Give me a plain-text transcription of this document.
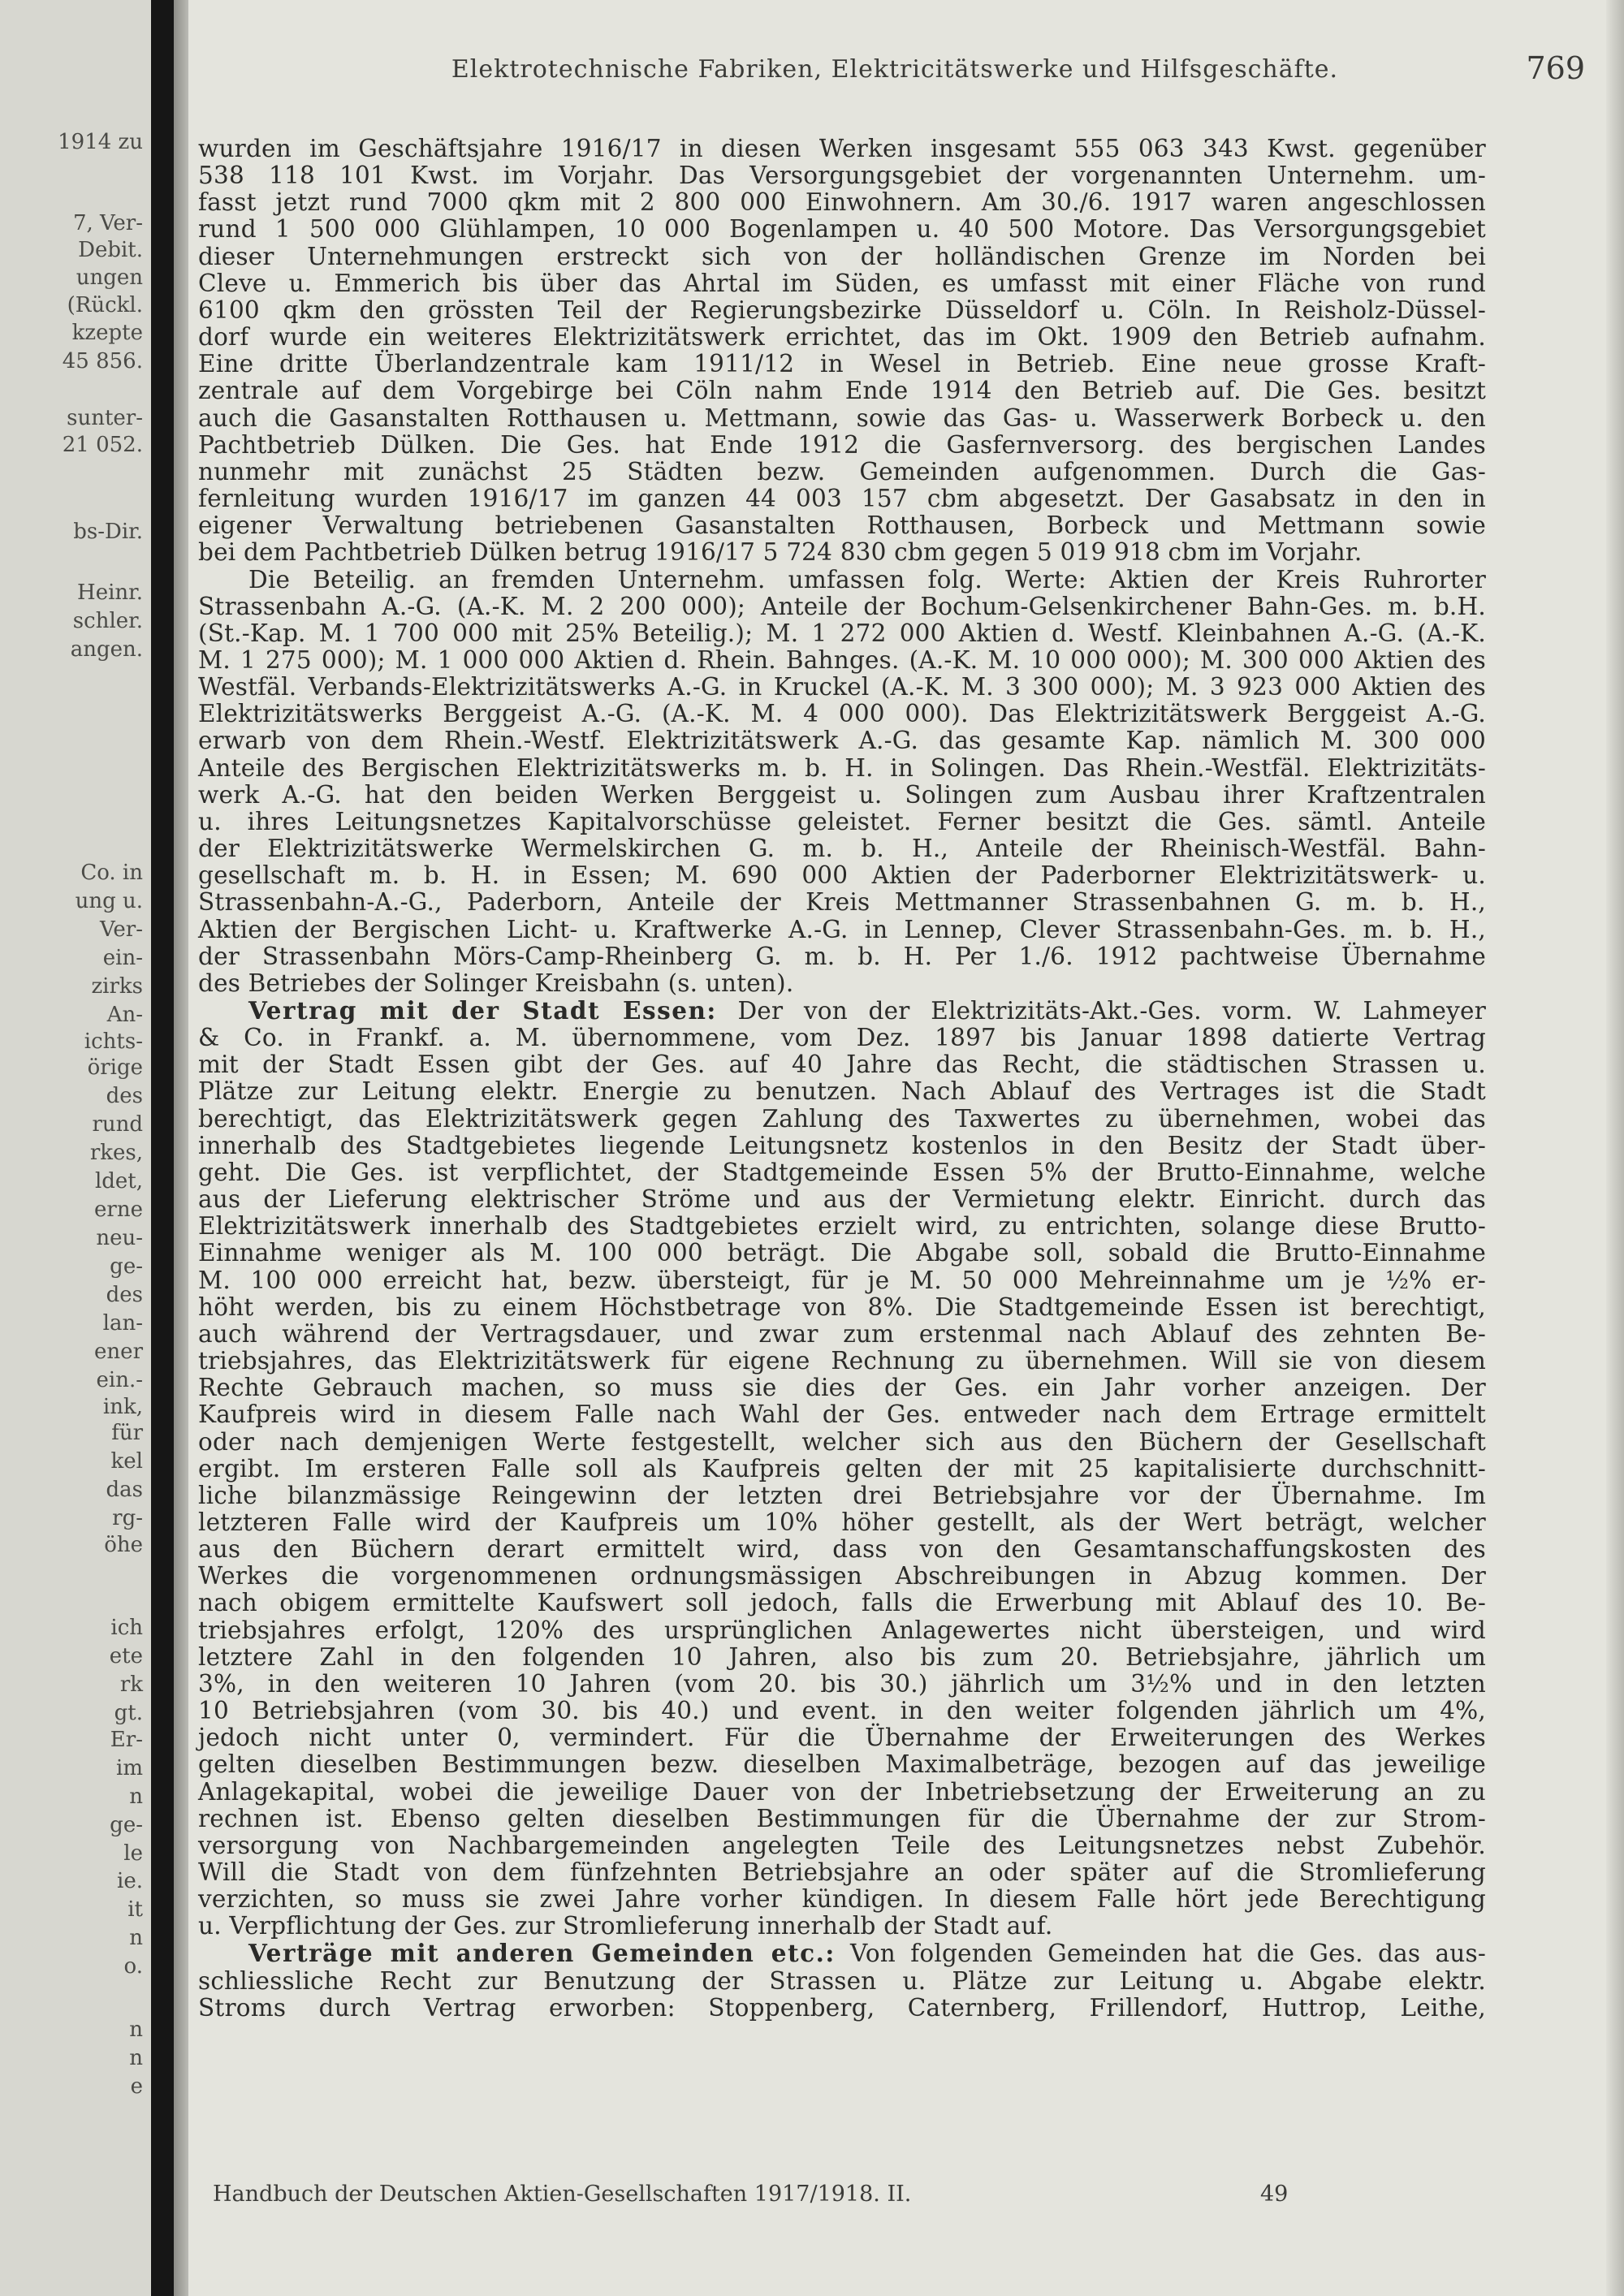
1914 zu
7, Ver-
Debit.
ungen
(Rückl.
kzepte
45 856.
sunter-
21 052.
bs-Dir.
Heinr.
schler.
angen.
Co. in
ung u.
Ver-
ein-
zirks
An-
ichts-
örige
des
rund
rkes,
ldet,
erne
neu-
ge-
des
lan-
ener
ein.-
ink,
für
kel
das
rg-
öhe
ich
ete
rk
gt.
Er-
im
n
ge-
le
ie.
it
n
o.
n
n
e
Elektrotechnische Fabriken, Elektricitätswerke und Hilfsgeschäfte.	769
wurden im Geschäftsjahre 1916/17 in diesen Werken insgesamt 555 063 343 Kwst. gegenüber
538 118 101 Kwst. im Vorjahr. Das Versorgungsgebiet der vorgenannten Unternehm. um-
fasst jetzt rund 7000 qkm mit 2 800 000 Einwohnern. Am 30./6. 1917 waren angeschlossen
rund 1 500 000 Glühlampen, 10 000 Bogenlampen u. 40 500 Motore. Das Versorgungsgebiet
dieser Unternehmungen erstreckt sich von der holländischen Grenze im Norden bei
Cleve u. Emmerich bis über das Ahrtal im Süden, es umfasst mit einer Fläche von rund
6100 qkm den grössten Teil der Regierungsbezirke Düsseldorf u. Cöln. In Reisholz-Düssel-
dorf wurde ein weiteres Elektrizitätswerk errichtet, das im Okt. 1909 den Betrieb aufnahm.
Eine dritte Überlandzentrale kam 1911/12 in Wesel in Betrieb. Eine neue grosse Kraft-
zentrale auf dem Vorgebirge bei Cöln nahm Ende 1914 den Betrieb auf. Die Ges. besitzt
auch die Gasanstalten Rotthausen u. Mettmann, sowie das Gas- u. Wasserwerk Borbeck u. den
Pachtbetrieb Dülken. Die Ges. hat Ende 1912 die Gasfernversorg. des bergischen Landes
nunmehr mit zunächst 25 Städten bezw. Gemeinden aufgenommen. Durch die Gas-
fernleitung wurden 1916/17 im ganzen 44 003 157 cbm abgesetzt. Der Gasabsatz in den in
eigener Verwaltung betriebenen Gasanstalten Rotthausen, Borbeck und Mettmann sowie
bei dem Pachtbetrieb Dülken betrug 1916/17 5 724 830 cbm gegen 5 019 918 cbm im Vorjahr.
Die Beteilig. an fremden Unternehm. umfassen folg. Werte: Aktien der Kreis Ruhrorter
Strassenbahn A.-G. (A.-K. M. 2 200 000); Anteile der Bochum-Gelsenkirchener Bahn-Ges. m. b.H.
(St.-Kap. M. 1 700 000 mit 25% Beteilig.); M. 1 272 000 Aktien d. Westf. Kleinbahnen A.-G. (A.-K.
M. 1 275 000); M. 1 000 000 Aktien d. Rhein. Bahnges. (A.-K. M. 10 000 000); M. 300 000 Aktien des
Westfäl. Verbands-Elektrizitätswerks A.-G. in Kruckel (A.-K. M. 3 300 000); M. 3 923 000 Aktien des
Elektrizitätswerks Berggeist A.-G. (A.-K. M. 4 000 000). Das Elektrizitätswerk Berggeist A.-G.
erwarb von dem Rhein.-Westf. Elektrizitätswerk A.-G. das gesamte Kap. nämlich M. 300 000
Anteile des Bergischen Elektrizitätswerks m. b. H. in Solingen. Das Rhein.-Westfäl. Elektrizitäts-
werk A.-G. hat den beiden Werken Berggeist u. Solingen zum Ausbau ihrer Kraftzentralen
u. ihres Leitungsnetzes Kapitalvorschüsse geleistet. Ferner besitzt die Ges. sämtl. Anteile
der Elektrizitätswerke Wermelskirchen G. m. b. H., Anteile der Rheinisch-Westfäl. Bahn-
gesellschaft m. b. H. in Essen; M. 690 000 Aktien der Paderborner Elektrizitätswerk- u.
Strassenbahn-A.-G., Paderborn, Anteile der Kreis Mettmanner Strassenbahnen G. m. b. H.,
Aktien der Bergischen Licht- u. Kraftwerke A.-G. in Lennep, Clever Strassenbahn-Ges. m. b. H.,
der Strassenbahn Mörs-Camp-Rheinberg G. m. b. H. Per 1./6. 1912 pachtweise Übernahme
des Betriebes der Solinger Kreisbahn (s. unten).
Vertrag mit der Stadt Essen: Der von der Elektrizitäts-Akt.-Ges. vorm. W. Lahmeyer
& Co. in Frankf. a. M. übernommene, vom Dez. 1897 bis Januar 1898 datierte Vertrag
mit der Stadt Essen gibt der Ges. auf 40 Jahre das Recht, die städtischen Strassen u.
Plätze zur Leitung elektr. Energie zu benutzen. Nach Ablauf des Vertrages ist die Stadt
berechtigt, das Elektrizitätswerk gegen Zahlung des Taxwertes zu übernehmen, wobei das
innerhalb des Stadtgebietes liegende Leitungsnetz kostenlos in den Besitz der Stadt über-
geht. Die Ges. ist verpflichtet, der Stadtgemeinde Essen 5% der Brutto-Einnahme, welche
aus der Lieferung elektrischer Ströme und aus der Vermietung elektr. Einricht. durch das
Elektrizitätswerk innerhalb des Stadtgebietes erzielt wird, zu entrichten, solange diese Brutto-
Einnahme weniger als M. 100 000 beträgt. Die Abgabe soll, sobald die Brutto-Einnahme
M. 100 000 erreicht hat, bezw. übersteigt, für je M. 50 000 Mehreinnahme um je ½% er-
höht werden, bis zu einem Höchstbetrage von 8%. Die Stadtgemeinde Essen ist berechtigt,
auch während der Vertragsdauer, und zwar zum erstenmal nach Ablauf des zehnten Be-
triebsjahres, das Elektrizitätswerk für eigene Rechnung zu übernehmen. Will sie von diesem
Rechte Gebrauch machen, so muss sie dies der Ges. ein Jahr vorher anzeigen. Der
Kaufpreis wird in diesem Falle nach Wahl der Ges. entweder nach dem Ertrage ermittelt
oder nach demjenigen Werte festgestellt, welcher sich aus den Büchern der Gesellschaft
ergibt. Im ersteren Falle soll als Kaufpreis gelten der mit 25 kapitalisierte durchschnitt-
liche bilanzmässige Reingewinn der letzten drei Betriebsjahre vor der Übernahme. Im
letzteren Falle wird der Kaufpreis um 10% höher gestellt, als der Wert beträgt, welcher
aus den Büchern derart ermittelt wird, dass von den Gesamtanschaffungskosten des
Werkes die vorgenommenen ordnungsmässigen Abschreibungen in Abzug kommen. Der
nach obigem ermittelte Kaufswert soll jedoch, falls die Erwerbung mit Ablauf des 10. Be-
triebsjahres erfolgt, 120% des ursprünglichen Anlagewertes nicht übersteigen, und wird
letztere Zahl in den folgenden 10 Jahren, also bis zum 20. Betriebsjahre, jährlich um
3%, in den weiteren 10 Jahren (vom 20. bis 30.) jährlich um 3½% und in den letzten
10 Betriebsjahren (vom 30. bis 40.) und event. in den weiter folgenden jährlich um 4%,
jedoch nicht unter 0, vermindert. Für die Übernahme der Erweiterungen des Werkes
gelten dieselben Bestimmungen bezw. dieselben Maximalbeträge, bezogen auf das jeweilige
Anlagekapital, wobei die jeweilige Dauer von der Inbetriebsetzung der Erweiterung an zu
rechnen ist. Ebenso gelten dieselben Bestimmungen für die Übernahme der zur Strom-
versorgung von Nachbargemeinden angelegten Teile des Leitungsnetzes nebst Zubehör.
Will die Stadt von dem fünfzehnten Betriebsjahre an oder später auf die Stromlieferung
verzichten, so muss sie zwei Jahre vorher kündigen. In diesem Falle hört jede Berechtigung
u. Verpflichtung der Ges. zur Stromlieferung innerhalb der Stadt auf.
Verträge mit anderen Gemeinden etc.: Von folgenden Gemeinden hat die Ges. das aus-
schliessliche Recht zur Benutzung der Strassen u. Plätze zur Leitung u. Abgabe elektr.
Stroms durch Vertrag erworben: Stoppenberg, Caternberg, Frillendorf, Huttrop, Leithe,
Handbuch der Deutschen Aktien-Gesellschaften 1917/1918. II.	49
